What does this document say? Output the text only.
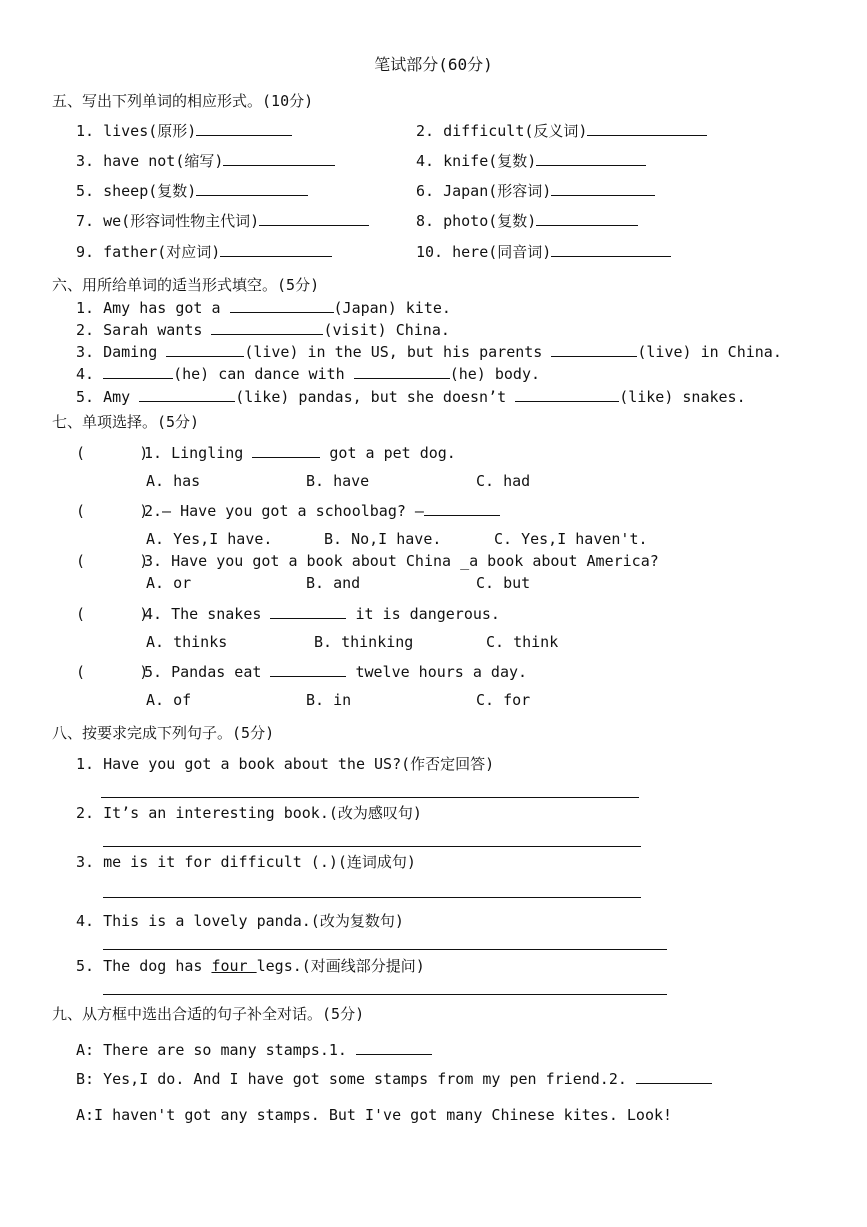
笔试部分(60分)
五、写出下列单词的相应形式。(10分)
1. lives(原形)	2. difficult(反义词)
3. have not(缩写)	4. knife(复数)
5. sheep(复数)	6. Japan(形容词)
7. we(形容词性物主代词)	8. photo(复数)
9. father(对应词)	10. here(同音词)
六、用所给单词的适当形式填空。(5分)
1. Amy has got a	(Japan) kite.
2. Sarah wants	(visit) China.
3. Daming	(live) in the US, but his parents	(live) in China.
4.	(he) can dance with	(he) body.
5. Amy	(like) pandas, but she doesn’t	(like) snakes.
七、单项选择。(5分)
(      )
1. Lingling	got a pet dog.
A. has	B. have	C. had
(      )
2.— Have you got a schoolbag? —
A. Yes,I have.	B. No,I have.	C. Yes,I haven't.
(      )
3. Have you got a book about China _a book about America?
A. or	B. and	C. but
(      )
4. The snakes	it is dangerous.
A. thinks	B. thinking	C. think
(      )
5. Pandas eat	twelve hours a day.
A. of	B. in	C. for
八、按要求完成下列句子。(5分)
1. Have you got a book about the US?(作否定回答)
2. It’s an interesting book.(改为感叹句)
3. me is it for difficult (.)(连词成句)
4. This is a lovely panda.(改为复数句)
5. The dog has four legs.(对画线部分提问)
九、从方框中选出合适的句子补全对话。(5分)
A: There are so many stamps.1.
B: Yes,I do. And I have got some stamps from my pen friend.2.
A:I haven't got any stamps. But I've got many Chinese kites. Look!
